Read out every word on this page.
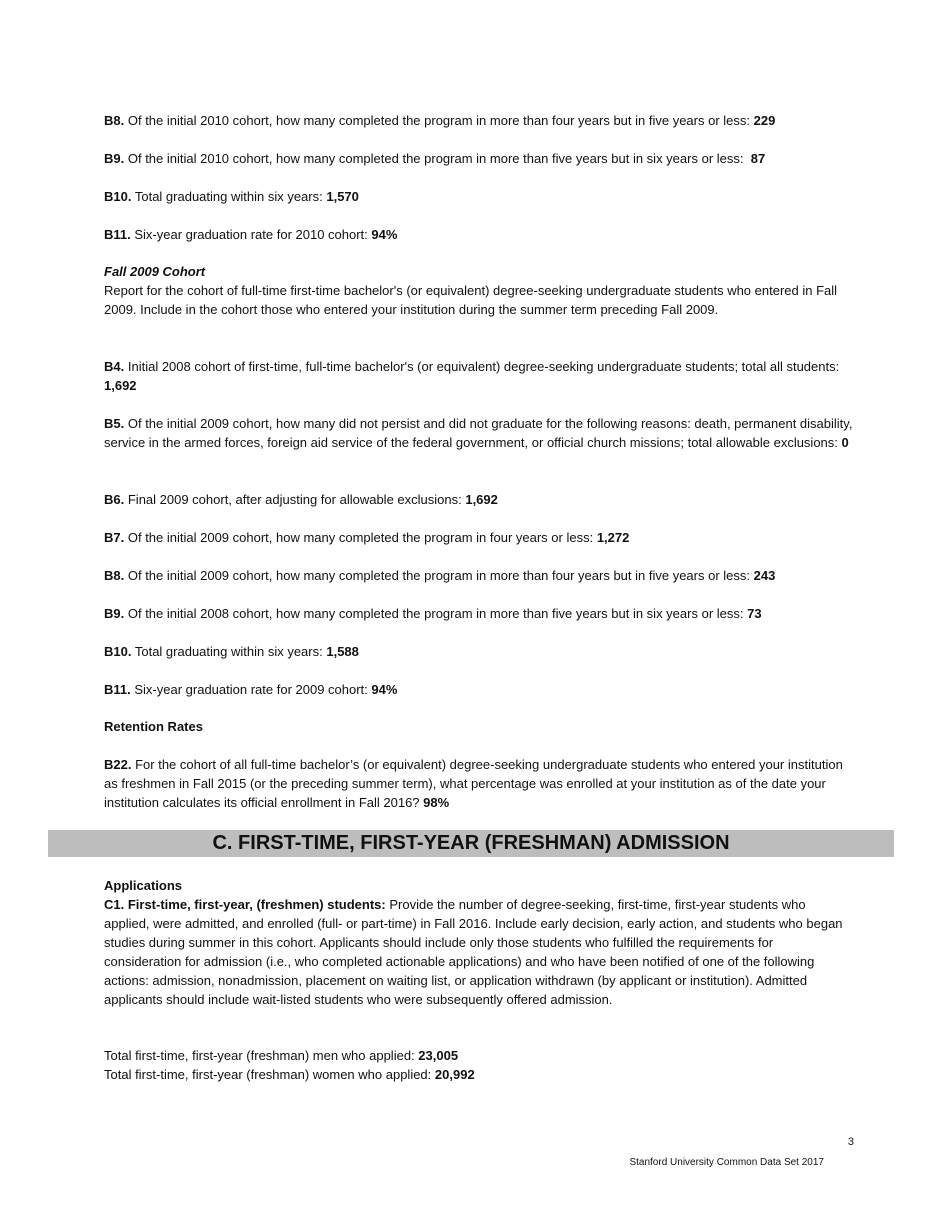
B8. Of the initial 2010 cohort, how many completed the program in more than four years but in five years or less: 229

B9. Of the initial 2010 cohort, how many completed the program in more than five years but in six years or less: 87

B10. Total graduating within six years: 1,570

B11. Six-year graduation rate for 2010 cohort: 94%

Fall 2009 Cohort

Report for the cohort of full-time first-time bachelor's (or equivalent) degree-seeking undergraduate students who entered in Fall 2009. Include in the cohort those who entered your institution during the summer term preceding Fall 2009.

B4. Initial 2008 cohort of first-time, full-time bachelor's (or equivalent) degree-seeking undergraduate students; total all students: 1,692

B5. Of the initial 2009 cohort, how many did not persist and did not graduate for the following reasons: death, permanent disability, service in the armed forces, foreign aid service of the federal government, or official church missions; total allowable exclusions: 0

B6. Final 2009 cohort, after adjusting for allowable exclusions: 1,692

B7. Of the initial 2009 cohort, how many completed the program in four years or less: 1,272

B8. Of the initial 2009 cohort, how many completed the program in more than four years but in five years or less: 243

B9. Of the initial 2008 cohort, how many completed the program in more than five years but in six years or less: 73

B10. Total graduating within six years: 1,588

B11. Six-year graduation rate for 2009 cohort: 94%

Retention Rates

B22. For the cohort of all full-time bachelor’s (or equivalent) degree-seeking undergraduate students who entered your institution as freshmen in Fall 2015 (or the preceding summer term), what percentage was enrolled at your institution as of the date your institution calculates its official enrollment in Fall 2016? 98%

C. FIRST-TIME, FIRST-YEAR (FRESHMAN) ADMISSION

Applications

C1. First-time, first-year, (freshmen) students: Provide the number of degree-seeking, first-time, first-year students who applied, were admitted, and enrolled (full- or part-time) in Fall 2016. Include early decision, early action, and students who began studies during summer in this cohort. Applicants should include only those students who fulfilled the requirements for consideration for admission (i.e., who completed actionable applications) and who have been notified of one of the following actions: admission, nonadmission, placement on waiting list, or application withdrawn (by applicant or institution). Admitted applicants should include wait-listed students who were subsequently offered admission.

Total first-time, first-year (freshman) men who applied: 23,005

Total first-time, first-year (freshman) women who applied: 20,992

3
Stanford University Common Data Set 2017
